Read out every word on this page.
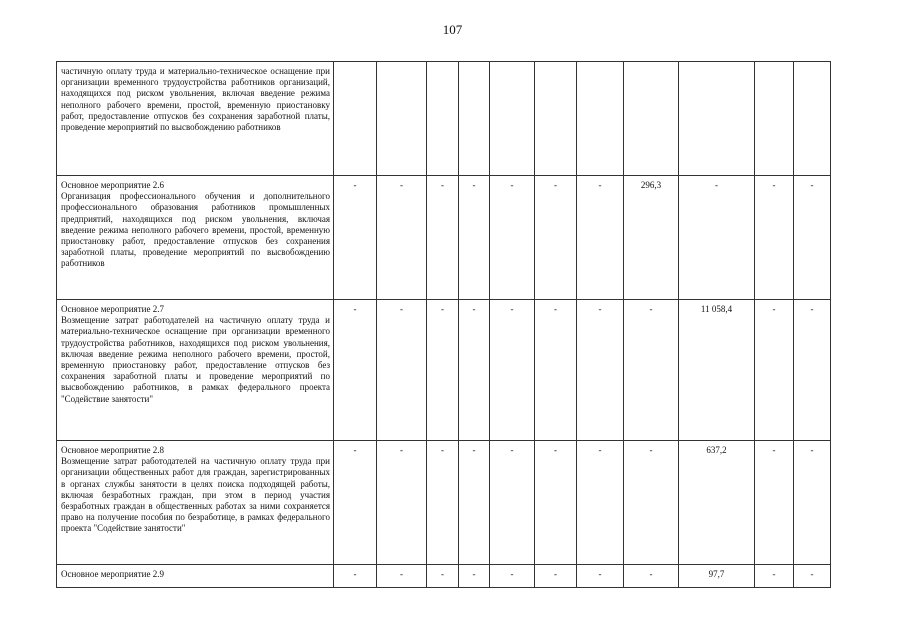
107
частичную оплату труда и материально-техническое оснащение при организации временного трудоустройства работников организаций, находящихся под риском увольнения, включая введение режима неполного рабочего времени, простой, временную приостановку работ, предоставление отпусков без сохранения заработной платы, проведение мероприятий по высвобождению работников											

Основное мероприятие 2.6
Организация профессионального обучения и дополнительного профессионального образования работников промышленных предприятий, находящихся под риском увольнения, включая введение режима неполного рабочего времени, простой, временную приостановку работ, предоставление отпусков без сохранения заработной платы, проведение мероприятий по высвобождению работников	-	-	-	-	-	-	-	296,3	-	-	-

Основное мероприятие 2.7
Возмещение затрат работодателей на частичную оплату труда и материально-техническое оснащение при организации временного трудоустройства работников, находящихся под риском увольнения, включая введение режима неполного рабочего времени, простой, временную приостановку работ, предоставление отпусков без сохранения заработной платы и проведение мероприятий по высвобождению работников, в рамках федерального проекта "Содействие занятости"	-	-	-	-	-	-	-	-	11 058,4	-	-

Основное мероприятие 2.8
Возмещение затрат работодателей на частичную оплату труда при организации общественных работ для граждан, зарегистрированных в органах службы занятости в целях поиска подходящей работы, включая безработных граждан, при этом в период участия безработных граждан в общественных работах за ними сохраняется право на получение пособия по безработице, в рамках федерального проекта "Содействие занятости"	-	-	-	-	-	-	-	-	637,2	-	-

Основное мероприятие 2.9	-	-	-	-	-	-	-	-	97,7	-	-
